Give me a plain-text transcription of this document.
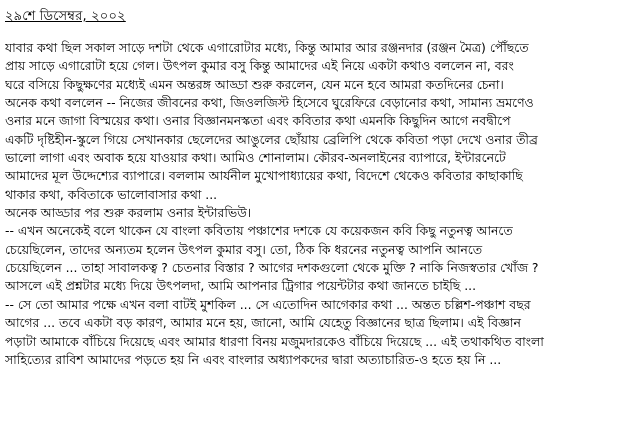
২৯শে ডিসেম্বর, ২০০২
যাবার কথা ছিল সকাল সাড়ে দশটা থেকে এগারোটার মধ্যে, কিন্তু আমার আর রঞ্জনদার (রঞ্জন মৈত্র) পৌঁছতে
প্রায় সাড়ে এগারোটা হয়ে গেল। উৎপল কুমার বসু কিন্তু আমাদের এই নিয়ে একটা কথাও বললেন না, বরং
ঘরে বসিয়ে কিছুক্ষণের মধ্যেই এমন অন্তরঙ্গ আড্ডা শুরু করলেন, যেন মনে হবে আমরা কতদিনের চেনা।
অনেক কথা বললেন -- নিজের জীবনের কথা, জিওলজিস্ট হিসেবে ঘুরেফিরে বেড়ানোর কথা, সামান্য ভ্রমণেও
ওনার মনে জাগা বিস্ময়ের কথা। ওনার বিজ্ঞানমনস্কতা এবং কবিতার কথা এমনকি কিছুদিন আগে নবদ্বীপে
একটি দৃষ্টিহীন-স্কুলে গিয়ে সেখানকার ছেলেদের আঙুলের ছোঁয়ায় ব্রেলিপি থেকে কবিতা পড়া দেখে ওনার তীব্র
ভালো লাগা এবং অবাক হয়ে যাওয়ার কথা। আমিও শোনালাম। কৌরব-অনলাইনের ব্যাপারে, ইন্টারনেটে
আমাদের মূল উদ্দেশ্যের ব্যাপারে। বললাম আর্যনীল মুখোপাধ্যায়ের কথা, বিদেশে থেকেও কবিতার কাছাকাছি
থাকার কথা, কবিতাকে ভালোবাসার কথা ...
অনেক আড্ডার পর শুরু করলাম ওনার ইন্টারভিউ।
-- এখন অনেকেই বলে থাকেন যে বাংলা কবিতায় পঞ্চাশের দশকে যে কয়েকজন কবি কিছু নতুনত্ব আনতে
চেয়েছিলেন, তাদের অন্যতম হলেন উৎপল কুমার বসু। তো, ঠিক কি ধরনের নতুনত্ব আপনি আনতে
চেয়েছিলেন ... তাহা সাবালকত্ব ? চেতনার বিস্তার ? আগের দশকগুলো থেকে মুক্তি ? নাকি নিজস্বতার খোঁজ ?
আসলে এই প্রশ্নটার মধ্যে দিয়ে উৎপলদা, আমি আপনার ট্রিগার পয়েন্টটার কথা জানতে চাইছি ...
-- সে তো আমার পক্ষে এখন বলা বাটই মুশকিল ... সে এতোদিন আগেকার কথা ... অন্তত চল্লিশ-পঞ্চাশ বছর
আগের ... তবে একটা বড় কারণ, আমার মনে হয়, জানো, আমি যেহেতু বিজ্ঞানের ছাত্র ছিলাম। এই বিজ্ঞান
পড়াটা আমাকে বাঁচিয়ে দিয়েছে এবং আমার ধারণা বিনয় মজুমদারকেও বাঁচিয়ে দিয়েছে ... এই তথাকথিত বাংলা
সাহিত্যের রাবিশ আমাদের পড়তে হয় নি এবং বাংলার অধ্যাপকদের দ্বারা অত্যাচারিত-ও হতে হয় নি ...
